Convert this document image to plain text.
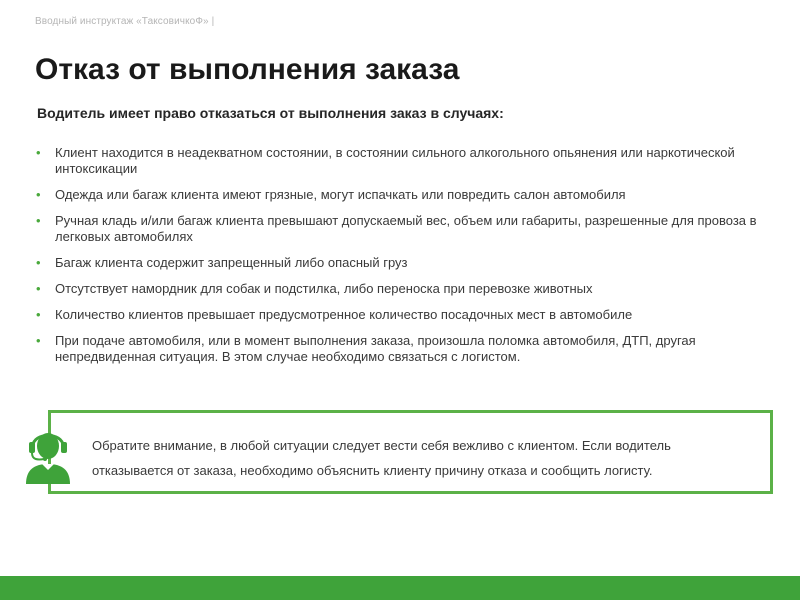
Вводный инструктаж «ТаксовичкоФ» |
Отказ от выполнения заказа

Водитель имеет право отказаться от выполнения заказ в случаях:

• Клиент находится в неадекватном состоянии, в состоянии сильного алкогольного опьянения или наркотической интоксикации
• Одежда или багаж клиента имеют грязные, могут испачкать или повредить салон автомобиля
• Ручная кладь и/или багаж клиента превышают допускаемый вес, объем или габариты, разрешенные для провоза в легковых автомобилях
• Багаж клиента содержит запрещенный либо опасный груз
• Отсутствует намордник для собак и подстилка, либо переноска при перевозке животных
• Количество клиентов превышает предусмотренное количество посадочных мест в автомобиле
• При подаче автомобиля, или в момент выполнения заказа, произошла поломка автомобиля, ДТП, другая непредвиденная ситуация. В этом случае необходимо связаться с логистом.

Обратите внимание, в любой ситуации следует вести себя вежливо с клиентом. Если водитель отказывается от заказа, необходимо объяснить клиенту причину отказа и сообщить логисту.
